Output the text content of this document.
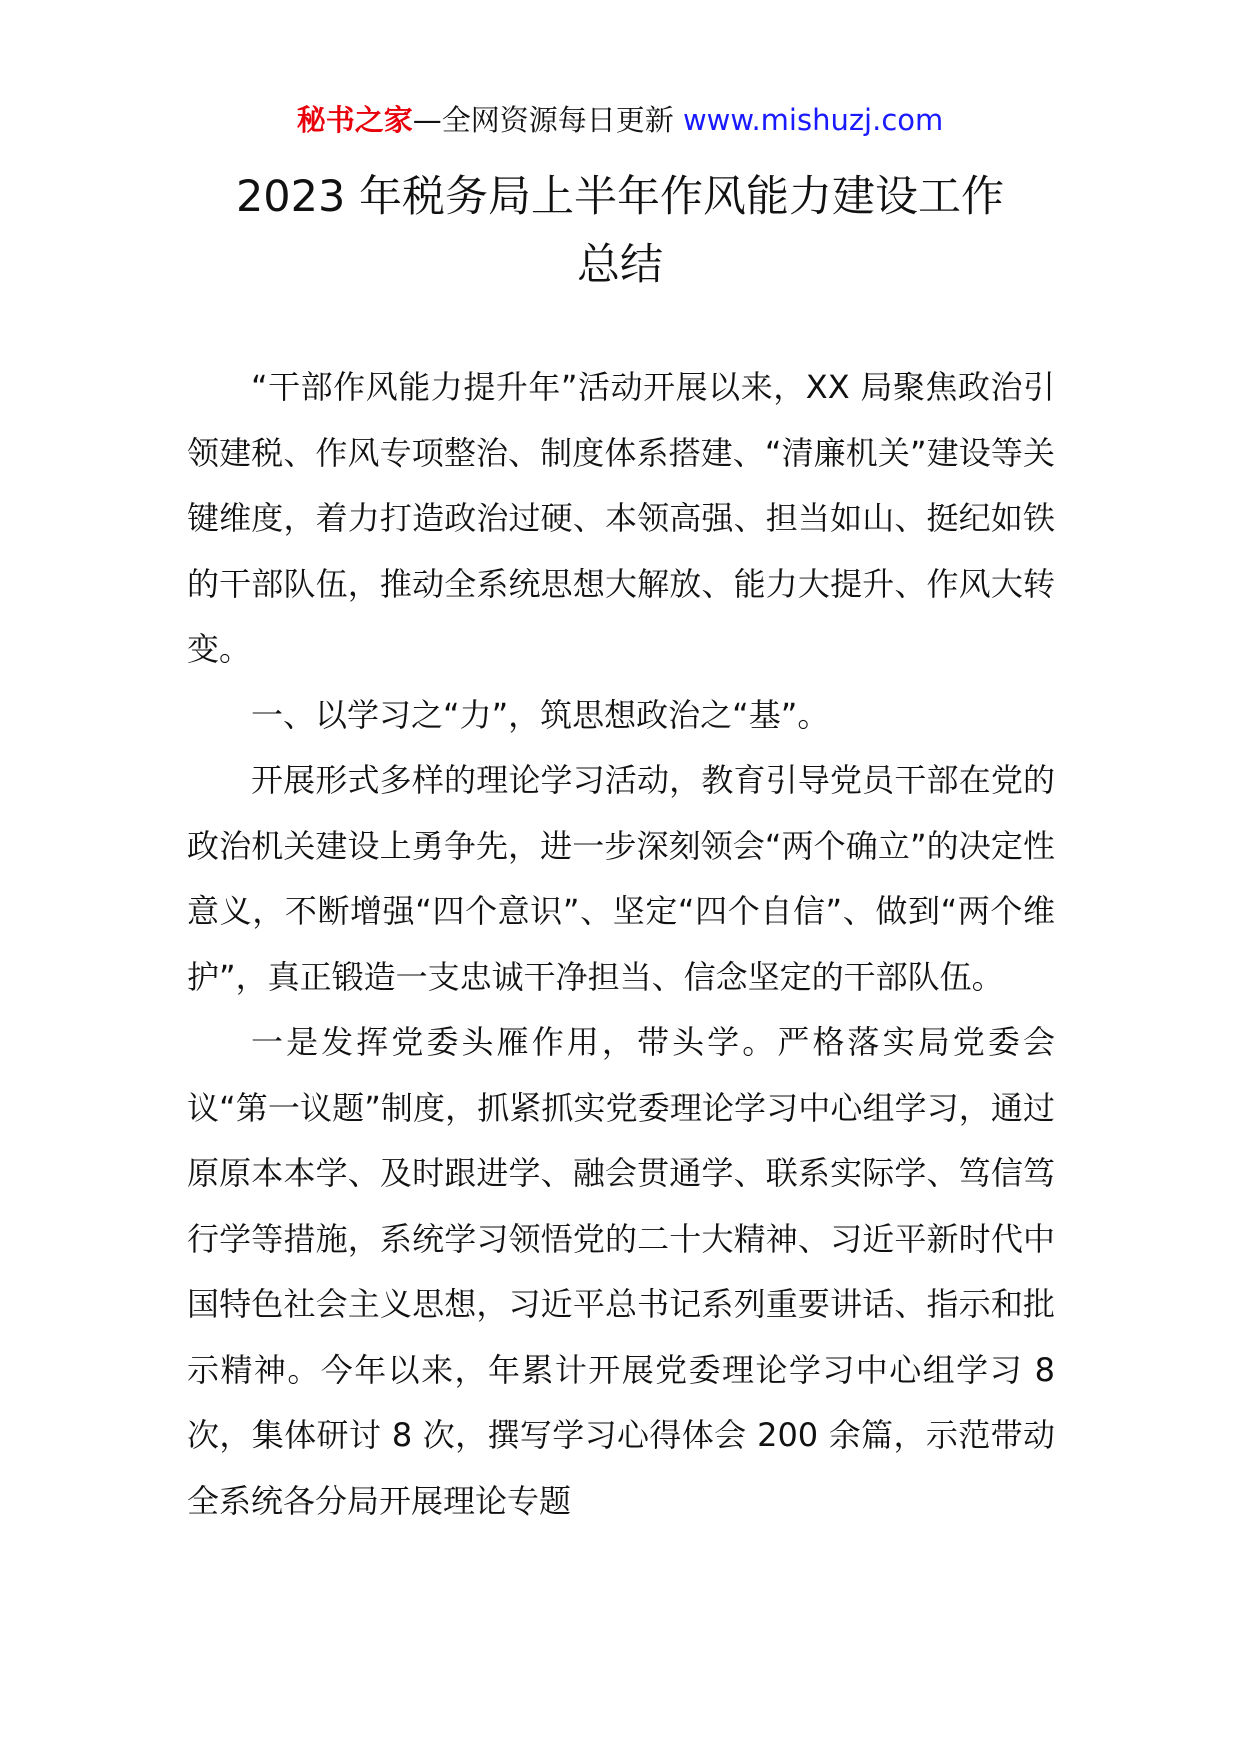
秘书之家—全网资源每日更新 www.mishuzj.com
2023 年税务局上半年作风能力建设工作
总结

“干部作风能力提升年”活动开展以来，XX 局聚焦政治引领建税、作风专项整治、制度体系搭建、“清廉机关”建设等关键维度，着力打造政治过硬、本领高强、担当如山、挺纪如铁的干部队伍，推动全系统思想大解放、能力大提升、作风大转变。

一、以学习之“力”，筑思想政治之“基”。

开展形式多样的理论学习活动，教育引导党员干部在党的政治机关建设上勇争先，进一步深刻领会“两个确立”的决定性意义，不断增强“四个意识”、坚定“四个自信”、做到“两个维护”，真正锻造一支忠诚干净担当、信念坚定的干部队伍。

一是发挥党委头雁作用，带头学。严格落实局党委会议“第一议题”制度，抓紧抓实党委理论学习中心组学习，通过原原本本学、及时跟进学、融会贯通学、联系实际学、笃信笃行学等措施，系统学习领悟党的二十大精神、习近平新时代中国特色社会主义思想，习近平总书记系列重要讲话、指示和批示精神。今年以来，年累计开展党委理论学习中心组学习 8 次，集体研讨 8 次，撰写学习心得体会 200 余篇，示范带动全系统各分局开展理论专题
